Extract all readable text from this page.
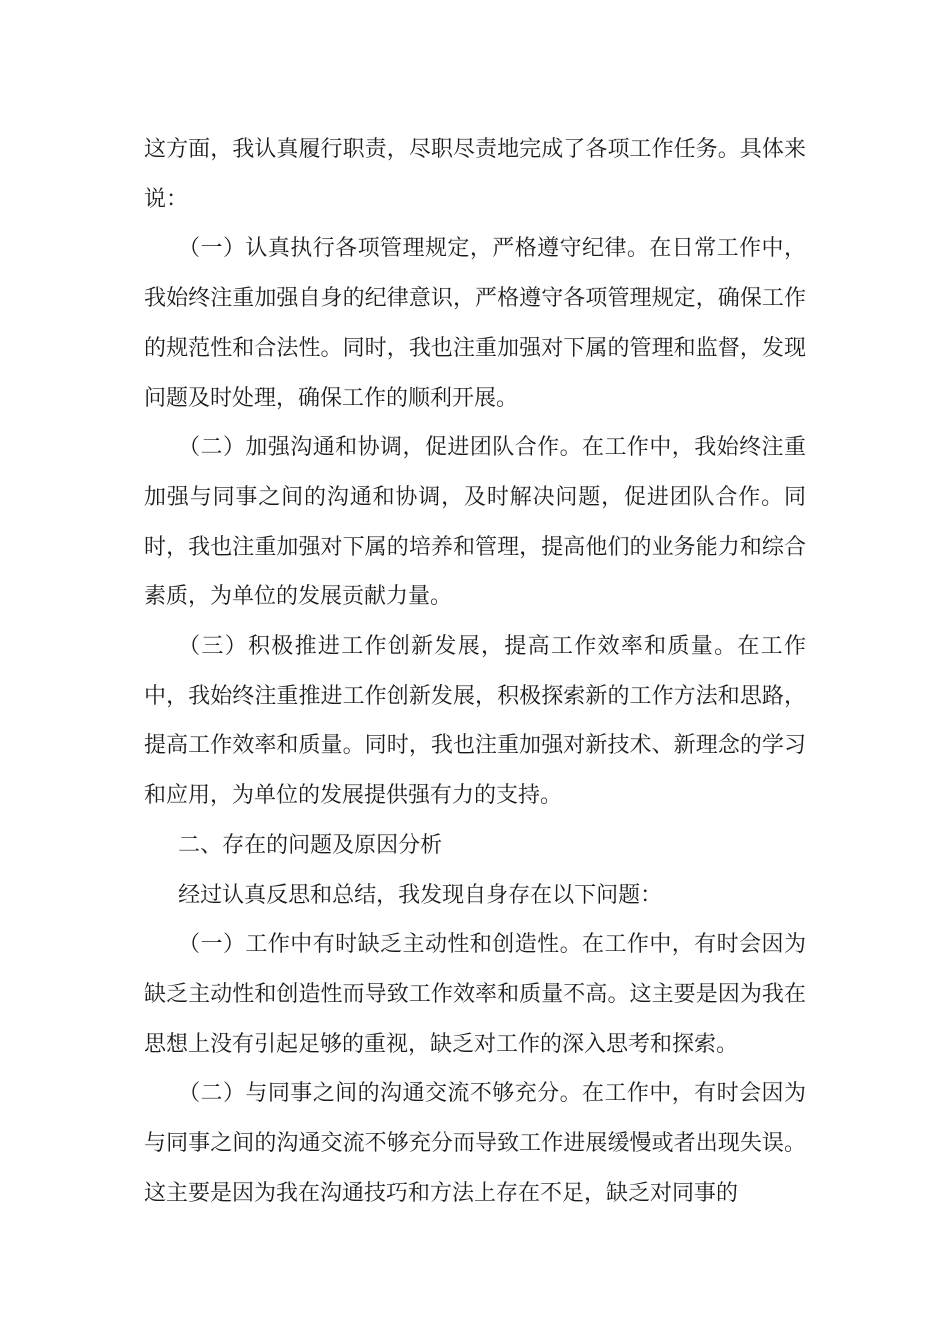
这方面，我认真履行职责，尽职尽责地完成了各项工作任务。具体来说：

（一）认真执行各项管理规定，严格遵守纪律。在日常工作中，我始终注重加强自身的纪律意识，严格遵守各项管理规定，确保工作的规范性和合法性。同时，我也注重加强对下属的管理和监督，发现问题及时处理，确保工作的顺利开展。

（二）加强沟通和协调，促进团队合作。在工作中，我始终注重加强与同事之间的沟通和协调，及时解决问题，促进团队合作。同时，我也注重加强对下属的培养和管理，提高他们的业务能力和综合素质，为单位的发展贡献力量。

（三）积极推进工作创新发展，提高工作效率和质量。在工作中，我始终注重推进工作创新发展，积极探索新的工作方法和思路，提高工作效率和质量。同时，我也注重加强对新技术、新理念的学习和应用，为单位的发展提供强有力的支持。

二、存在的问题及原因分析

经过认真反思和总结，我发现自身存在以下问题：

（一）工作中有时缺乏主动性和创造性。在工作中，有时会因为缺乏主动性和创造性而导致工作效率和质量不高。这主要是因为我在思想上没有引起足够的重视，缺乏对工作的深入思考和探索。

（二）与同事之间的沟通交流不够充分。在工作中，有时会因为与同事之间的沟通交流不够充分而导致工作进展缓慢或者出现失误。这主要是因为我在沟通技巧和方法上存在不足，缺乏对同事的
